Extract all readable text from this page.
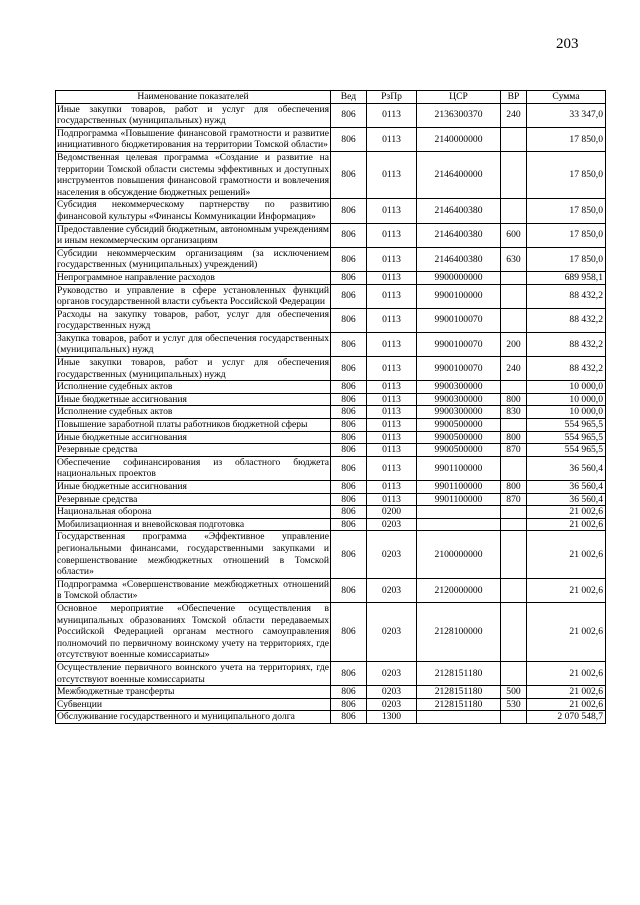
203
Наименование показателей	Вед	РзПр	ЦСР	ВР	Сумма
Иные закупки товаров, работ и услуг для обеспечения государственных (муниципальных) нужд	806	0113	2136300370	240	33 347,0
Подпрограмма «Повышение финансовой грамотности и развитие инициативного бюджетирования на территории Томской области»	806	0113	2140000000		17 850,0
Ведомственная целевая программа «Создание и развитие на территории Томской области системы эффективных и доступных инструментов повышения финансовой грамотности и вовлечения населения в обсуждение бюджетных решений»	806	0113	2146400000		17 850,0
Субсидия некоммерческому партнерству по развитию финансовой культуры «Финансы Коммуникации Информация»	806	0113	2146400380		17 850,0
Предоставление субсидий бюджетным, автономным учреждениям и иным некоммерческим организациям	806	0113	2146400380	600	17 850,0
Субсидии некоммерческим организациям (за исключением государственных (муниципальных) учреждений)	806	0113	2146400380	630	17 850,0
Непрограммное направление расходов	806	0113	9900000000		689 958,1
Руководство и управление в сфере установленных функций органов государственной власти субъекта Российской Федерации	806	0113	9900100000		88 432,2
Расходы на закупку товаров, работ, услуг для обеспечения государственных нужд	806	0113	9900100070		88 432,2
Закупка товаров, работ и услуг для обеспечения государственных (муниципальных) нужд	806	0113	9900100070	200	88 432,2
Иные закупки товаров, работ и услуг для обеспечения государственных (муниципальных) нужд	806	0113	9900100070	240	88 432,2
Исполнение судебных актов	806	0113	9900300000		10 000,0
Иные бюджетные ассигнования	806	0113	9900300000	800	10 000,0
Исполнение судебных актов	806	0113	9900300000	830	10 000,0
Повышение заработной платы работников бюджетной сферы	806	0113	9900500000		554 965,5
Иные бюджетные ассигнования	806	0113	9900500000	800	554 965,5
Резервные средства	806	0113	9900500000	870	554 965,5
Обеспечение софинансирования из областного бюджета национальных проектов	806	0113	9901100000		36 560,4
Иные бюджетные ассигнования	806	0113	9901100000	800	36 560,4
Резервные средства	806	0113	9901100000	870	36 560,4
Национальная оборона	806	0200			21 002,6
Мобилизационная и вневойсковая подготовка	806	0203			21 002,6
Государственная программа «Эффективное управление региональными финансами, государственными закупками и совершенствование межбюджетных отношений в Томской области»	806	0203	2100000000		21 002,6
Подпрограмма «Совершенствование межбюджетных отношений в Томской области»	806	0203	2120000000		21 002,6
Основное мероприятие «Обеспечение осуществления в муниципальных образованиях Томской области передаваемых Российской Федерацией органам местного самоуправления полномочий по первичному воинскому учету на территориях, где отсутствуют военные комиссариаты»	806	0203	2128100000		21 002,6
Осуществление первичного воинского учета на территориях, где отсутствуют военные комиссариаты	806	0203	2128151180		21 002,6
Межбюджетные трансферты	806	0203	2128151180	500	21 002,6
Субвенции	806	0203	2128151180	530	21 002,6
Обслуживание государственного и муниципального долга	806	1300			2 070 548,7
